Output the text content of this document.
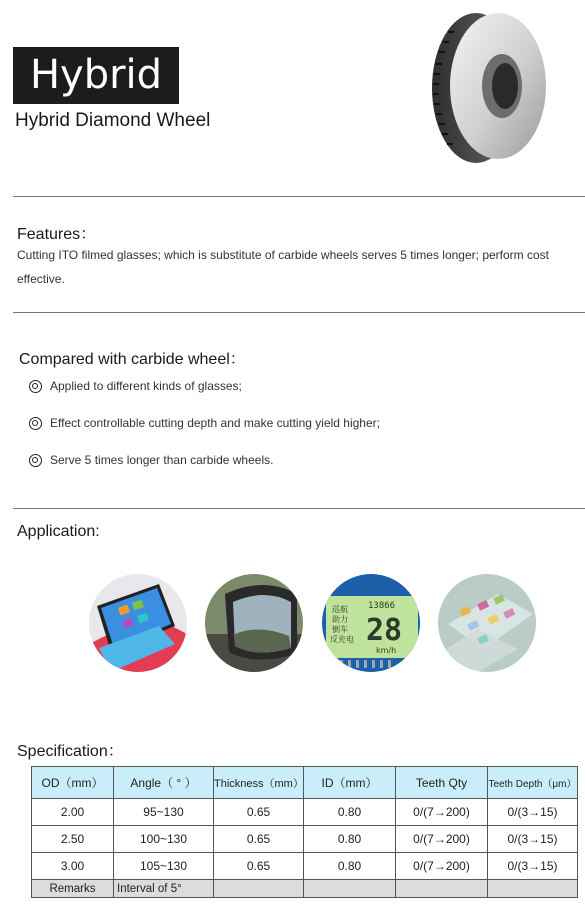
Hybrid
Hybrid Diamond Wheel
Features：
Cutting ITO filmed glasses; which is substitute of carbide wheels serves 5 times longer; perform cost
effective.
Compared with carbide wheel：
Applied to different kinds of glasses;
Effect controllable cutting depth and make cutting yield higher;
Serve 5 times longer than carbide wheels.
Application:
13866
巡航
助力
倒车
反充电 28
km/h
Specification：
OD（mm）	Angle（ ° ）	Thickness（mm）	ID（mm）	Teeth Qty	Teeth Depth（μm）
2.00	95~130	0.65	0.80	0/(7→200)	0/(3→15)
2.50	100~130	0.65	0.80	0/(7→200)	0/(3→15)
3.00	105~130	0.65	0.80	0/(7→200)	0/(3→15)
Remarks	Interval of 5°				
